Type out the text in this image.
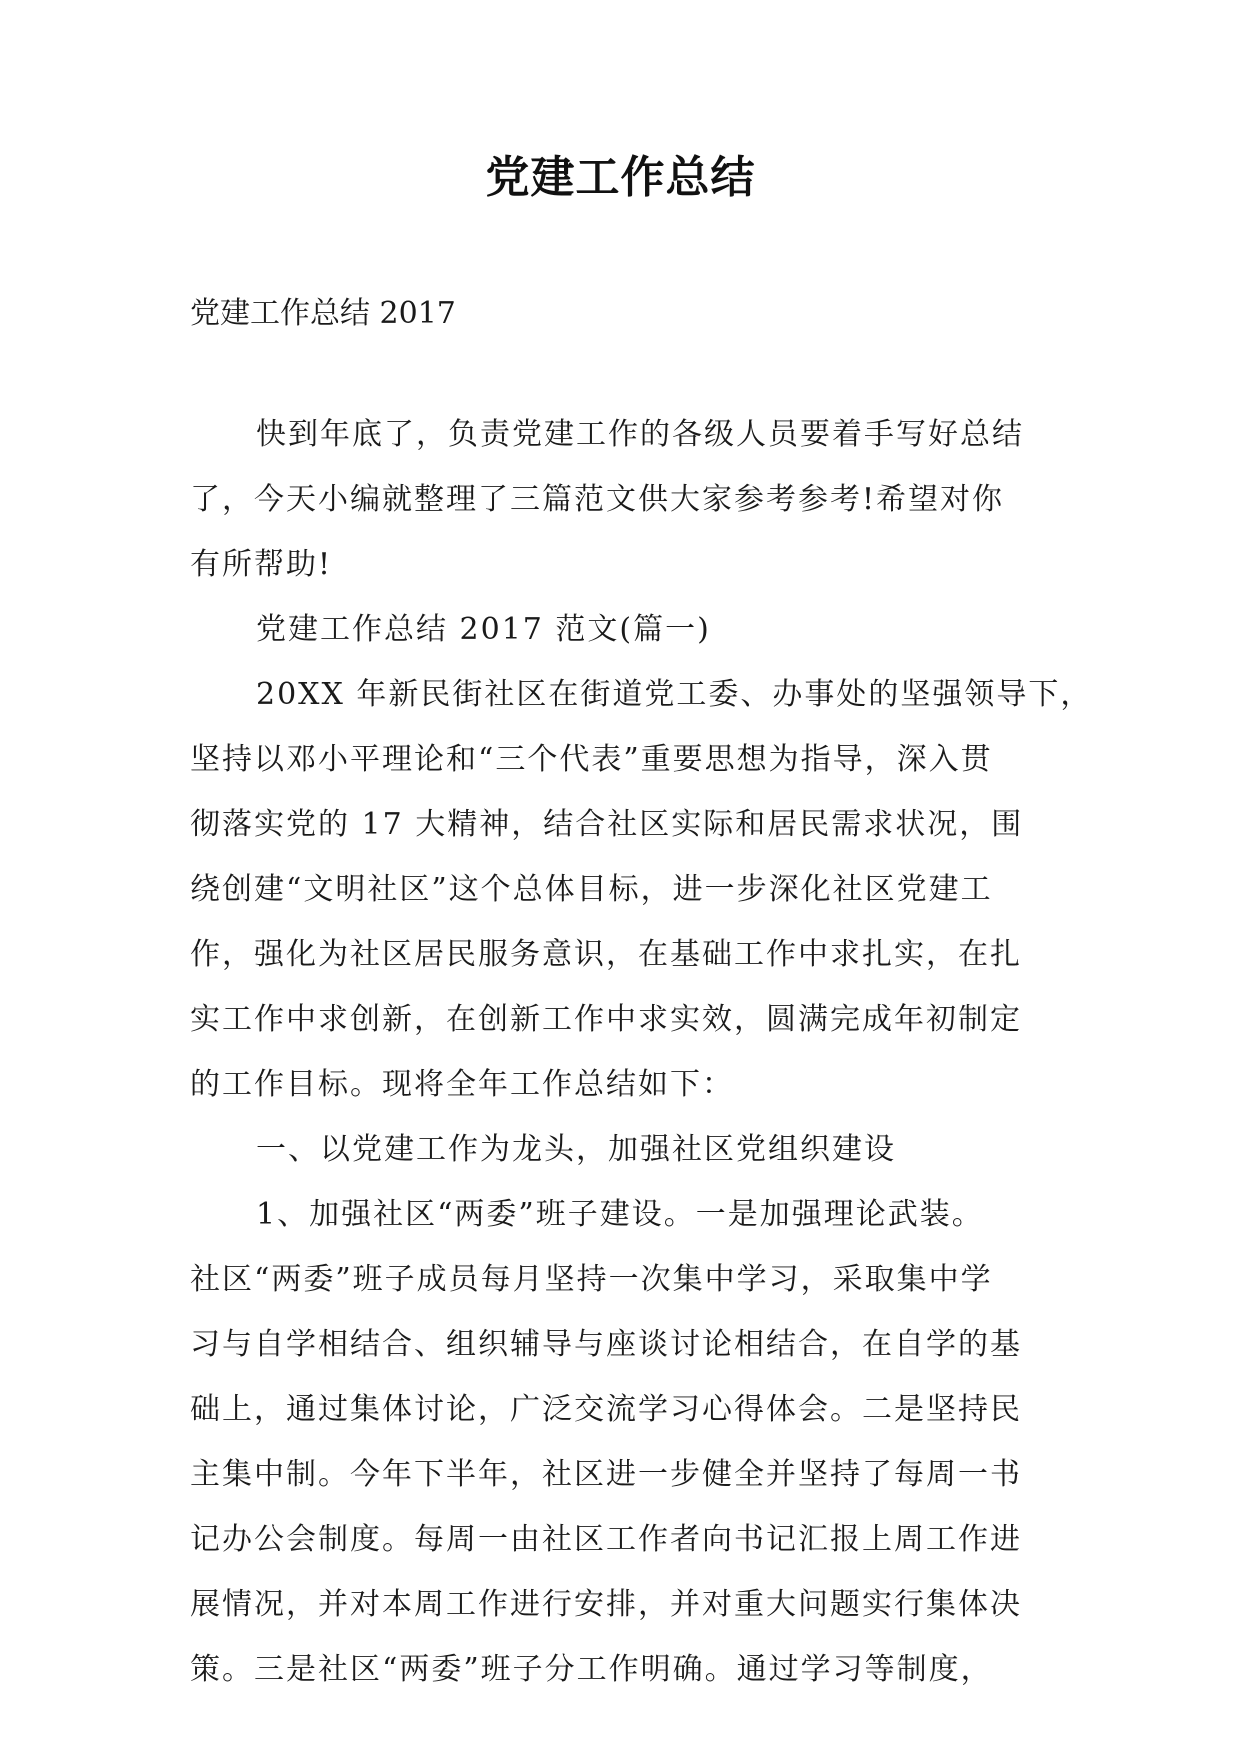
党建工作总结
党建工作总结 2017
快到年底了，负责党建工作的各级人员要着手写好总结
了，今天小编就整理了三篇范文供大家参考参考!希望对你
有所帮助!
党建工作总结 2017 范文(篇一)
20XX 年新民街社区在街道党工委、办事处的坚强领导下，
坚持以邓小平理论和“三个代表”重要思想为指导，深入贯
彻落实党的 17 大精神，结合社区实际和居民需求状况，围
绕创建“文明社区”这个总体目标，进一步深化社区党建工
作，强化为社区居民服务意识，在基础工作中求扎实，在扎
实工作中求创新，在创新工作中求实效，圆满完成年初制定
的工作目标。现将全年工作总结如下：
一、以党建工作为龙头，加强社区党组织建设
1、加强社区“两委”班子建设。一是加强理论武装。
社区“两委”班子成员每月坚持一次集中学习，采取集中学
习与自学相结合、组织辅导与座谈讨论相结合，在自学的基
础上，通过集体讨论，广泛交流学习心得体会。二是坚持民
主集中制。今年下半年，社区进一步健全并坚持了每周一书
记办公会制度。每周一由社区工作者向书记汇报上周工作进
展情况，并对本周工作进行安排，并对重大问题实行集体决
策。三是社区“两委”班子分工作明确。通过学习等制度，
